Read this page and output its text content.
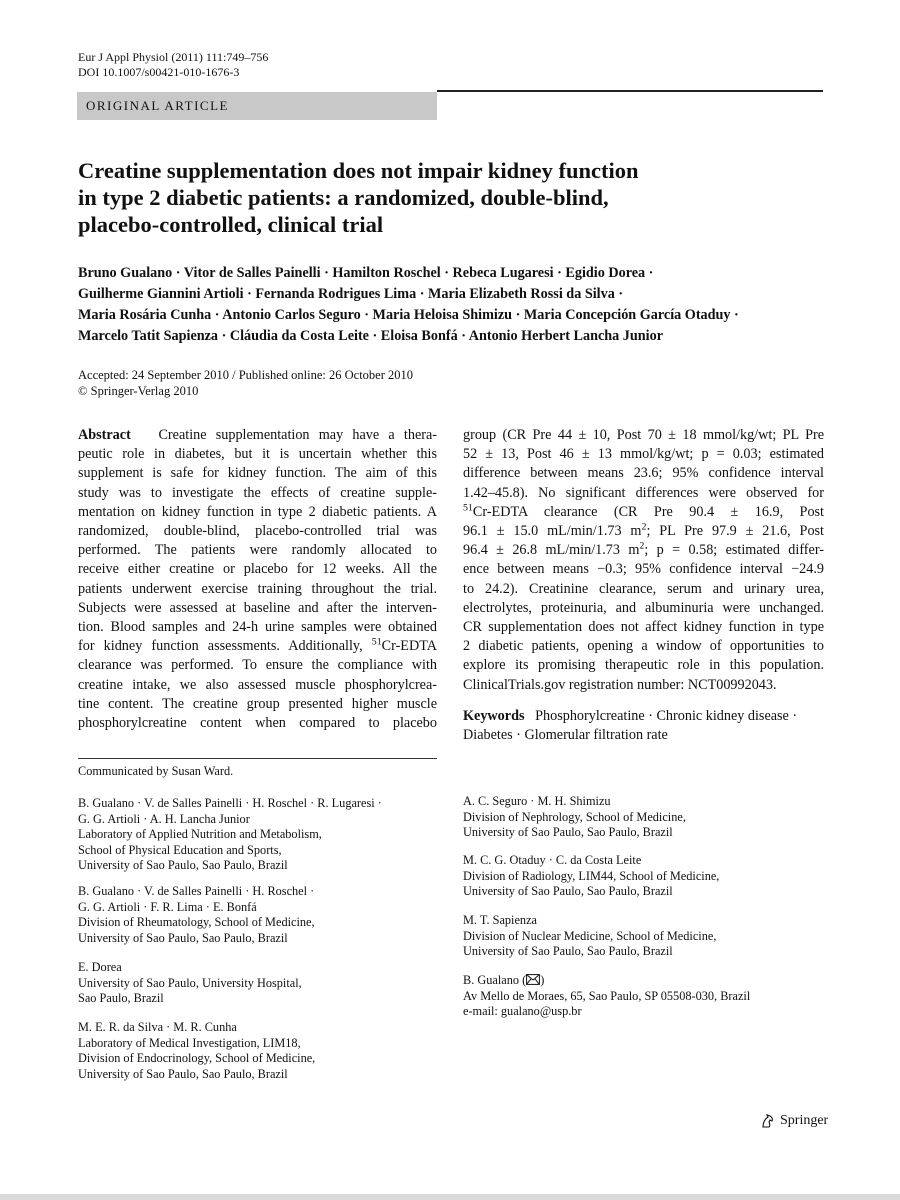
Eur J Appl Physiol (2011) 111:749–756
DOI 10.1007/s00421-010-1676-3
ORIGINAL ARTICLE
Creatine supplementation does not impair kidney function
in type 2 diabetic patients: a randomized, double-blind,
placebo-controlled, clinical trial
Bruno Gualano · Vitor de Salles Painelli · Hamilton Roschel · Rebeca Lugaresi · Egidio Dorea ·
Guilherme Giannini Artioli · Fernanda Rodrigues Lima · Maria Elizabeth Rossi da Silva ·
Maria Rosária Cunha · Antonio Carlos Seguro · Maria Heloisa Shimizu · Maria Concepción García Otaduy ·
Marcelo Tatit Sapienza · Cláudia da Costa Leite · Eloisa Bonfá · Antonio Herbert Lancha Junior
Accepted: 24 September 2010 / Published online: 26 October 2010
© Springer-Verlag 2010
Abstract Creatine supplementation may have a thera-
peutic role in diabetes, but it is uncertain whether this
supplement is safe for kidney function. The aim of this
study was to investigate the effects of creatine supple-
mentation on kidney function in type 2 diabetic patients. A
randomized, double-blind, placebo-controlled trial was
performed. The patients were randomly allocated to
receive either creatine or placebo for 12 weeks. All the
patients underwent exercise training throughout the trial.
Subjects were assessed at baseline and after the interven-
tion. Blood samples and 24-h urine samples were obtained
for kidney function assessments. Additionally, $^{51}$Cr-EDTA
clearance was performed. To ensure the compliance with
creatine intake, we also assessed muscle phosphorylcrea-
tine content. The creatine group presented higher muscle
phosphorylcreatine content when compared to placebo
group (CR Pre 44 ± 10, Post 70 ± 18 mmol/kg/wt; PL Pre
52 ± 13, Post 46 ± 13 mmol/kg/wt; p = 0.03; estimated
difference between means 23.6; 95% confidence interval
1.42–45.8). No significant differences were observed for
$^{51}$Cr-EDTA clearance (CR Pre 90.4 ± 16.9, Post
96.1 ± 15.0 mL/min/1.73 $m^2$; PL Pre 97.9 ± 21.6, Post
96.4 ± 26.8 mL/min/1.73 $m^2$; p = 0.58; estimated differ-
ence between means −0.3; 95% confidence interval −24.9
to 24.2). Creatinine clearance, serum and urinary urea,
electrolytes, proteinuria, and albuminuria were unchanged.
CR supplementation does not affect kidney function in type
2 diabetic patients, opening a window of opportunities to
explore its promising therapeutic role in this population.
ClinicalTrials.gov registration number: NCT00992043.
Keywords Phosphorylcreatine · Chronic kidney disease ·
Diabetes · Glomerular filtration rate
Communicated by Susan Ward.
B. Gualano · V. de Salles Painelli · H. Roschel · R. Lugaresi ·
G. G. Artioli · A. H. Lancha Junior
Laboratory of Applied Nutrition and Metabolism,
School of Physical Education and Sports,
University of Sao Paulo, Sao Paulo, Brazil
B. Gualano · V. de Salles Painelli · H. Roschel ·
G. G. Artioli · F. R. Lima · E. Bonfá
Division of Rheumatology, School of Medicine,
University of Sao Paulo, Sao Paulo, Brazil
E. Dorea
University of Sao Paulo, University Hospital,
Sao Paulo, Brazil
M. E. R. da Silva · M. R. Cunha
Laboratory of Medical Investigation, LIM18,
Division of Endocrinology, School of Medicine,
University of Sao Paulo, Sao Paulo, Brazil
A. C. Seguro · M. H. Shimizu
Division of Nephrology, School of Medicine,
University of Sao Paulo, Sao Paulo, Brazil
M. C. G. Otaduy · C. da Costa Leite
Division of Radiology, LIM44, School of Medicine,
University of Sao Paulo, Sao Paulo, Brazil
M. T. Sapienza
Division of Nuclear Medicine, School of Medicine,
University of Sao Paulo, Sao Paulo, Brazil
B. Gualano ( )
Av Mello de Moraes, 65, Sao Paulo, SP 05508-030, Brazil
e-mail: gualano@usp.br
Springer
